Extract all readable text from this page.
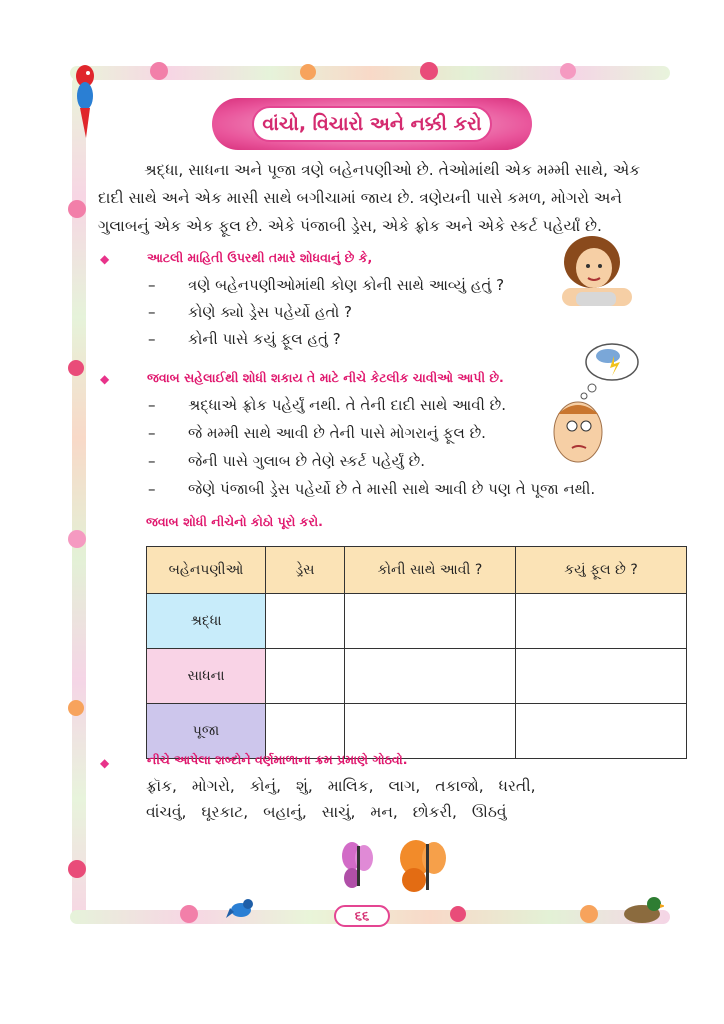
વાંચો, વિચારો અને નક્કી કરો
શ્રદ્ધા, સાધના અને પૂજા ત્રણે બહેનપણીઓ છે. તેઓમાંથી એક મમ્મી સાથે, એક
દાદી સાથે અને એક માસી સાથે બગીચામાં જાય છે. ત્રણેયની પાસે કમળ, મોગરો અને
ગુલાબનું એક એક ફૂલ છે. એકે પંજાબી ડ્રેસ, એકે ફ્રોક અને એકે સ્કર્ટ પહેર્યાં છે.
◆	આટલી માહિતી ઉપરથી તમારે શોધવાનું છે કે,
– ત્રણે બહેનપણીઓમાંથી કોણ કોની સાથે આવ્યું હતું ?
– કોણે ક્યો ડ્રેસ પહેર્યો હતો ?
– કોની પાસે કયું ફૂલ હતું ?
◆	જવાબ સહેલાઈથી શોધી શકાય તે માટે નીચે કેટલીક ચાવીઓ આપી છે.
– શ્રદ્ધાએ ફ્રોક પહેર્યું નથી. તે તેની દાદી સાથે આવી છે.
– જે મમ્મી સાથે આવી છે તેની પાસે મોગરાનું ફૂલ છે.
– જેની પાસે ગુલાબ છે તેણે સ્કર્ટ પહેર્યું છે.
– જેણે પંજાબી ડ્રેસ પહેર્યો છે તે માસી સાથે આવી છે પણ તે પૂજા નથી.
જવાબ શોધી નીચેનો કોઠો પૂરો કરો.
બહેનપણીઓ	ડ્રેસ	કોની સાથે આવી ?	કયું ફૂલ છે ?
શ્રદ્ધા			
સાધના			
પૂજા			
◆	નીચે આપેલા શબ્દોને વર્ણમાળાના ક્રમ પ્રમાણે ગોઠવો.
ફ્રૉક, મોગરો, કોનું, શું, માલિક, લાગ, તકાજો, ધરતી,
વાંચવું, ઘૂરકાટ, બહાનું, સાચું, મન, છોકરી, ઊઠવું
૬૬
